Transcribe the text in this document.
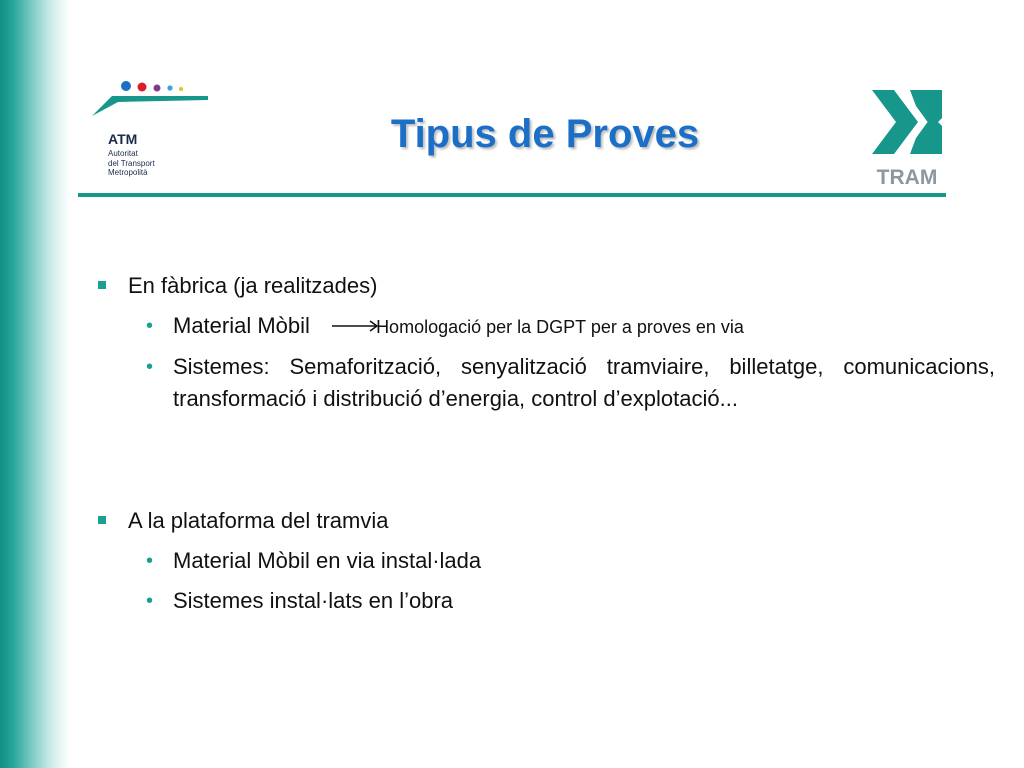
ATM
Autoritat
del Transport
Metropolità
Tipus de Proves
TRAM
En fàbrica (ja realitzades)
• Material Mòbil	Homologació per la DGPT per a proves en via
• Sistemes: Semaforització, senyalització tramviaire, billetatge, comunicacions, transformació i distribució d’energia, control d’explotació...
A la plataforma del tramvia
• Material Mòbil en via instal·lada
• Sistemes instal·lats en l’obra
